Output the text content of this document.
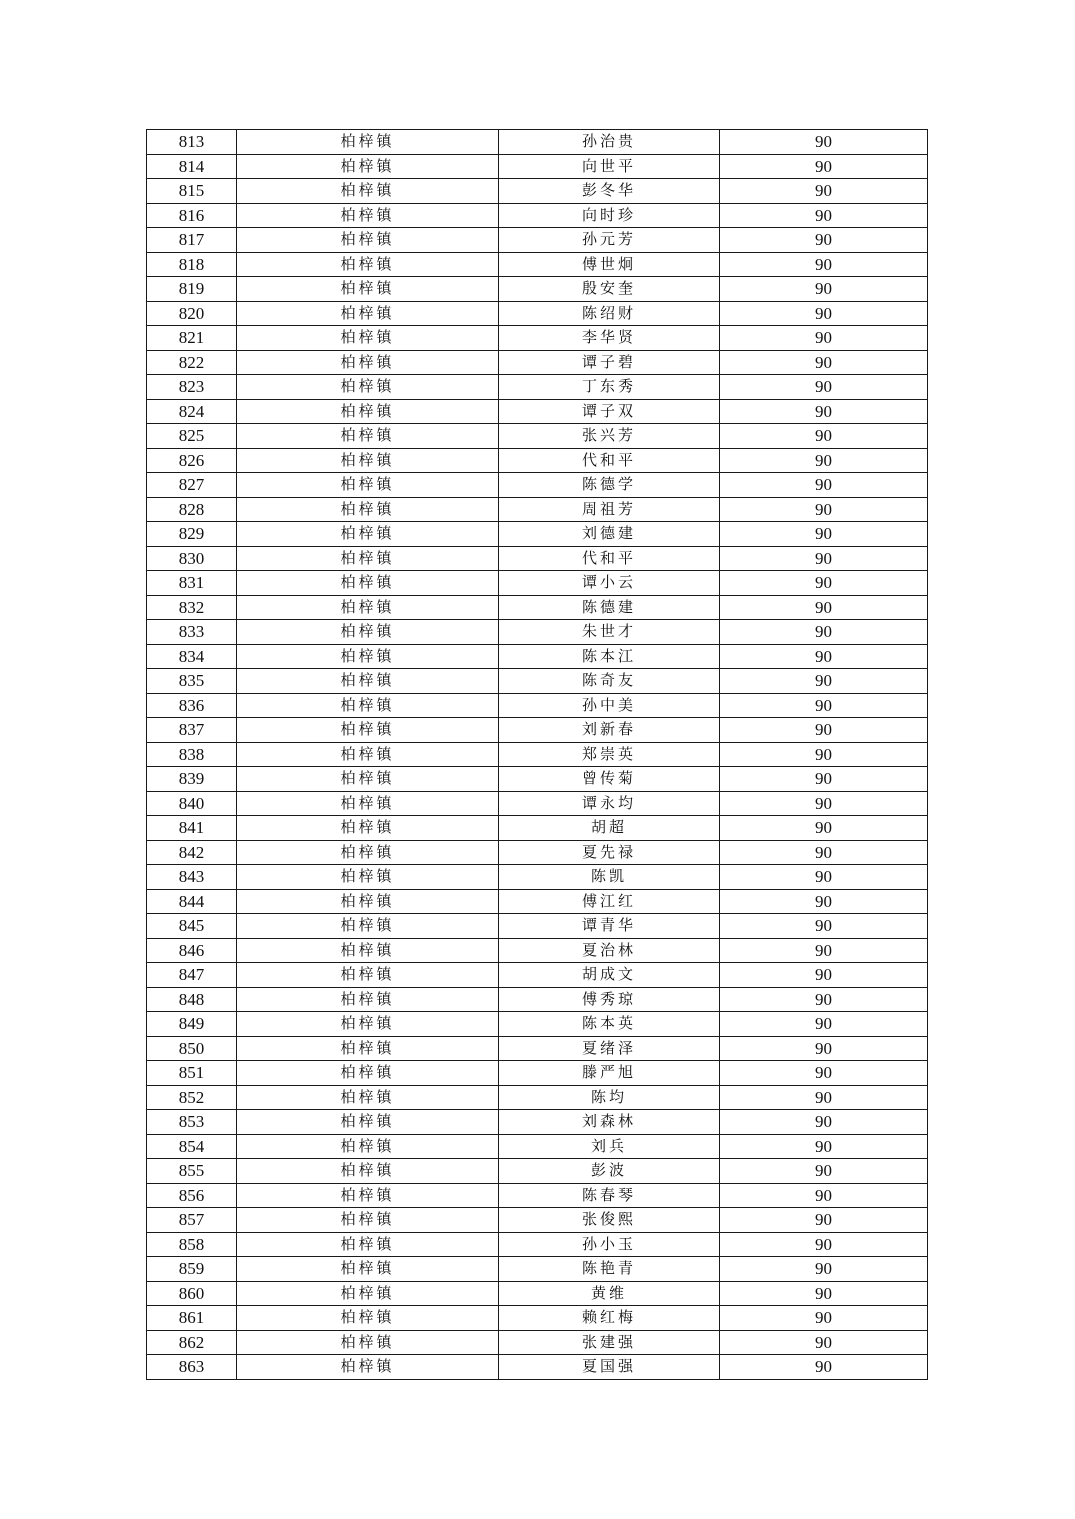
813	柏梓镇	孙治贵	90
814	柏梓镇	向世平	90
815	柏梓镇	彭冬华	90
816	柏梓镇	向时珍	90
817	柏梓镇	孙元芳	90
818	柏梓镇	傅世炯	90
819	柏梓镇	殷安奎	90
820	柏梓镇	陈绍财	90
821	柏梓镇	李华贤	90
822	柏梓镇	谭子碧	90
823	柏梓镇	丁东秀	90
824	柏梓镇	谭子双	90
825	柏梓镇	张兴芳	90
826	柏梓镇	代和平	90
827	柏梓镇	陈德学	90
828	柏梓镇	周祖芳	90
829	柏梓镇	刘德建	90
830	柏梓镇	代和平	90
831	柏梓镇	谭小云	90
832	柏梓镇	陈德建	90
833	柏梓镇	朱世才	90
834	柏梓镇	陈本江	90
835	柏梓镇	陈奇友	90
836	柏梓镇	孙中美	90
837	柏梓镇	刘新春	90
838	柏梓镇	郑崇英	90
839	柏梓镇	曾传菊	90
840	柏梓镇	谭永均	90
841	柏梓镇	胡超	90
842	柏梓镇	夏先禄	90
843	柏梓镇	陈凯	90
844	柏梓镇	傅江红	90
845	柏梓镇	谭青华	90
846	柏梓镇	夏治林	90
847	柏梓镇	胡成文	90
848	柏梓镇	傅秀琼	90
849	柏梓镇	陈本英	90
850	柏梓镇	夏绪泽	90
851	柏梓镇	滕严旭	90
852	柏梓镇	陈均	90
853	柏梓镇	刘森林	90
854	柏梓镇	刘兵	90
855	柏梓镇	彭波	90
856	柏梓镇	陈春琴	90
857	柏梓镇	张俊熙	90
858	柏梓镇	孙小玉	90
859	柏梓镇	陈艳青	90
860	柏梓镇	黄维	90
861	柏梓镇	赖红梅	90
862	柏梓镇	张建强	90
863	柏梓镇	夏国强	90
